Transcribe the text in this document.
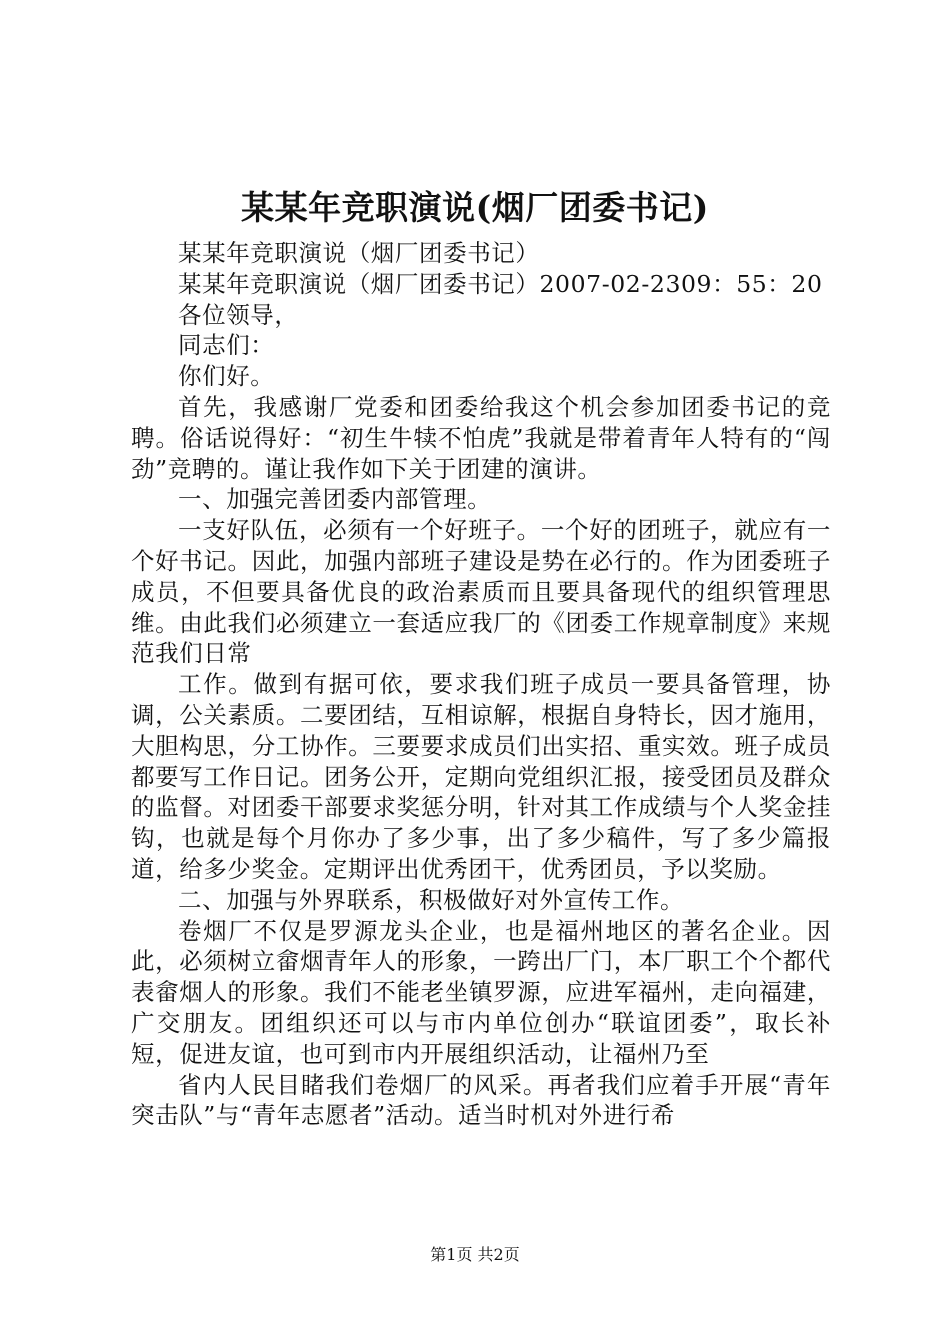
某某年竞职演说(烟厂团委书记)

某某年竞职演说（烟厂团委书记）

某某年竞职演说（烟厂团委书记）2007-02-2309：55：20

各位领导，

同志们：

你们好。

首先，我感谢厂党委和团委给我这个机会参加团委书记的竞聘。俗话说得好：“初生牛犊不怕虎”我就是带着青年人特有的“闯劲”竞聘的。谨让我作如下关于团建的演讲。

一、加强完善团委内部管理。

一支好队伍，必须有一个好班子。一个好的团班子，就应有一个好书记。因此，加强内部班子建设是势在必行的。作为团委班子成员，不但要具备优良的政治素质而且要具备现代的组织管理思维。由此我们必须建立一套适应我厂的《团委工作规章制度》来规范我们日常

工作。做到有据可依，要求我们班子成员一要具备管理，协调，公关素质。二要团结，互相谅解，根据自身特长，因才施用，大胆构思，分工协作。三要要求成员们出实招、重实效。班子成员都要写工作日记。团务公开，定期向党组织汇报，接受团员及群众的监督。对团委干部要求奖惩分明，针对其工作成绩与个人奖金挂钩，也就是每个月你办了多少事，出了多少稿件，写了多少篇报道，给多少奖金。定期评出优秀团干，优秀团员，予以奖励。

二、加强与外界联系，积极做好对外宣传工作。

卷烟厂不仅是罗源龙头企业，也是福州地区的著名企业。因此，必须树立畲烟青年人的形象，一跨出厂门，本厂职工个个都代表畲烟人的形象。我们不能老坐镇罗源，应进军福州，走向福建，广交朋友。团组织还可以与市内单位创办“联谊团委”，取长补短，促进友谊，也可到市内开展组织活动，让福州乃至

省内人民目睹我们卷烟厂的风采。再者我们应着手开展“青年突击队”与“青年志愿者”活动。适当时机对外进行希

第1页 共2页
